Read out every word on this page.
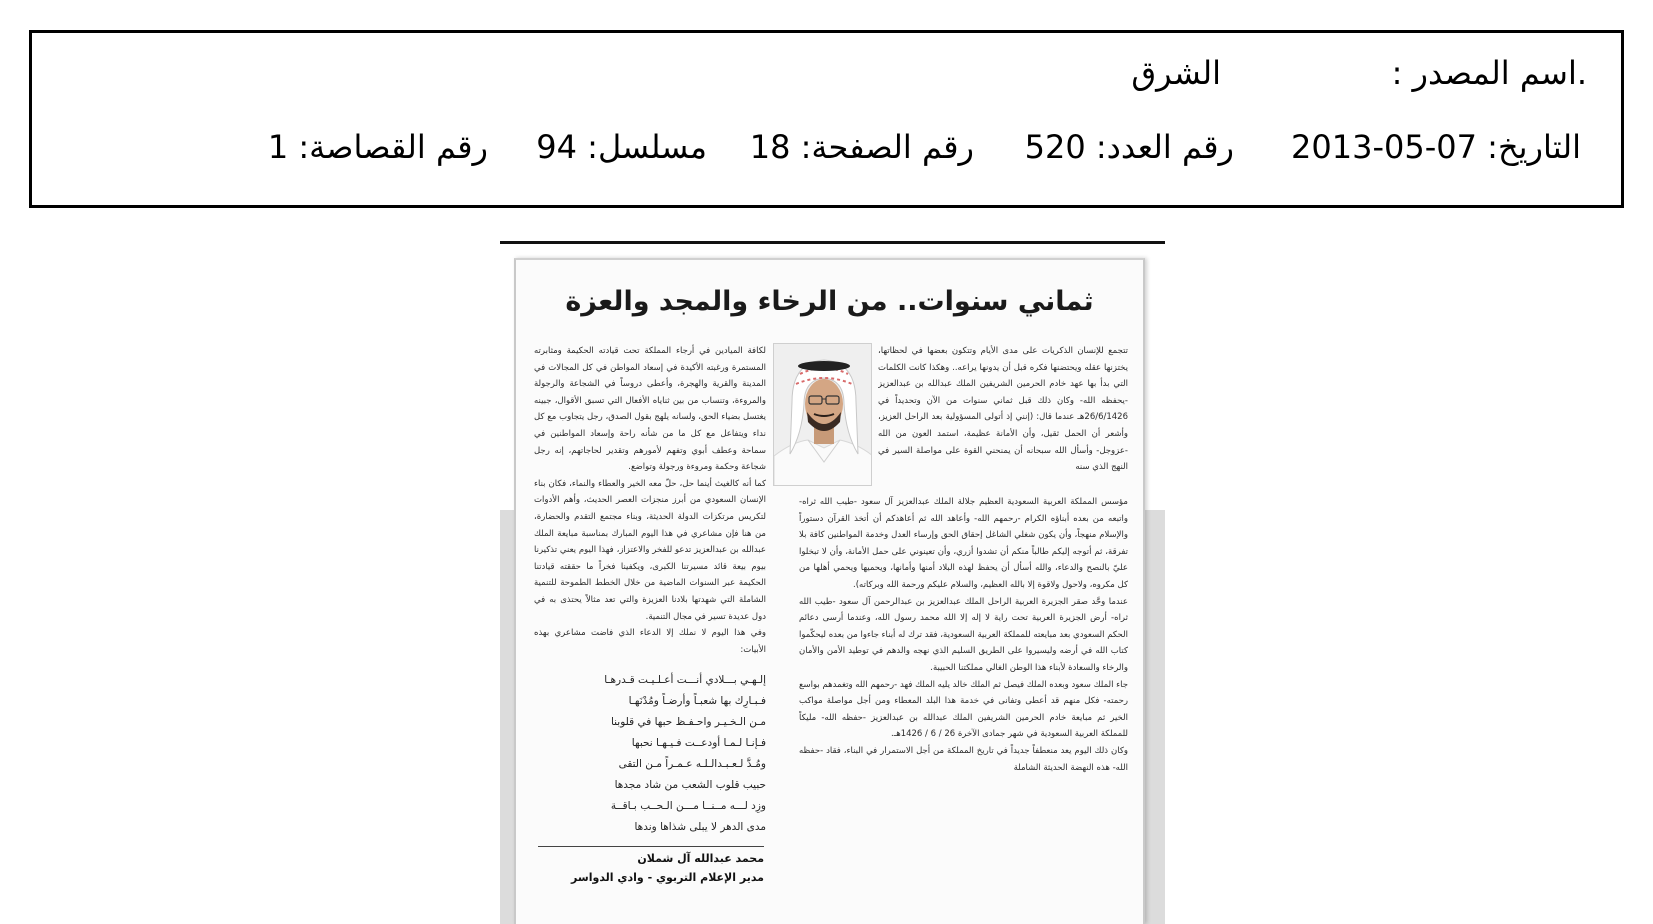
.اسم المصدر :
الشرق
التاريخ: 2013-05-07
رقم العدد: 520
رقم الصفحة: 18
مسلسل: 94
رقم القصاصة: 1
ثماني سنوات.. من الرخاء والمجد والعزة

تتجمع للإنسان الذكريات على مدى الأيام وتتكون بعضها في لحظاتها، يختزنها عقله ويحتضنها فكره قبل أن يدونها يراعه.. وهكذا كانت الكلمات التي بدأ بها عهد خادم الحرمين الشريفين الملك عبدالله بن عبدالعزيز -يحفظه الله- وكان ذلك قبل ثماني سنوات من الآن وتحديداً في 26/6/1426هـ عندما قال: (إنني إذ أتولى المسؤولية بعد الراحل العزيز، وأشعر أن الحمل ثقيل، وأن الأمانة عظيمة، استمد العون من الله -عزوجل- وأسأل الله سبحانه أن يمنحني القوة على مواصلة السير في النهج الذي سنه

مؤسس المملكة العربية السعودية العظيم جلالة الملك عبدالعزيز آل سعود -طيب الله ثراه- واتبعه من بعده أبناؤه الكرام -رحمهم الله- وأعاهد الله ثم أعاهدكم أن أتخذ القرآن دستوراً والإسلام منهجاً، وأن يكون شغلي الشاغل إحقاق الحق وإرساء العدل وخدمة المواطنين كافة بلا تفرقة، ثم أتوجه إليكم طالباً منكم أن تشدوا أزري، وأن تعينوني على حمل الأمانة، وأن لا تبخلوا عليّ بالنصح والدعاء، والله أسأل أن يحفظ لهذه البلاد أمنها وأمانها، ويحميها ويحمي أهلها من كل مكروه، ولاحول ولاقوة إلا بالله العظيم، والسلام عليكم ورحمة الله وبركاته).

عندما وحَّد صقر الجزيرة العربية الراحل الملك عبدالعزيز بن عبدالرحمن آل سعود -طيب الله ثراه- أرض الجزيرة العربية تحت راية لا إله إلا الله محمد رسول الله، وعندما أرسى دعائم الحكم السعودي بعد مبايعته للمملكة العربية السعودية، فقد ترك له أبناء جاءوا من بعده ليحكّموا كتاب الله في أرضه وليسيروا على الطريق السليم الذي نهجه والدهم في توطيد الأمن والأمان والرخاء والسعادة لأبناء هذا الوطن الغالي مملكتنا الحبيبة.

جاء الملك سعود وبعده الملك فيصل ثم الملك خالد يليه الملك فهد -رحمهم الله وتغمدهم بواسع رحمته- فكل منهم قد أعطى وتفانى في خدمة هذا البلد المعطاء ومن أجل مواصلة مواكب الخير ثم مبايعة خادم الحرمين الشريفين الملك عبدالله بن عبدالعزيز -حفظه الله- مليكاً للمملكة العربية السعودية في شهر جمادى الآخرة 26 / 6 / 1426هـ.

وكان ذلك اليوم يعد منعطفاً جديداً في تاريخ المملكة من أجل الاستمرار في البناء، فقاد -حفظه الله- هذه النهضة الحديثة الشاملة

لكافة الميادين في أرجاء المملكة تحت قيادته الحكيمة ومثابرته المستمرة ورغبته الأكيدة في إسعاد المواطن في كل المجالات في المدينة والقرية والهجرة، وأعطى دروساً في الشجاعة والرجولة والمروءة، وتنساب من بين ثناياه الأفعال التي تسبق الأقوال، جبينه يغتسل بضياء الحق، ولسانه يلهج بقول الصدق، رجل يتجاوب مع كل نداء ويتفاعل مع كل ما من شأنه راحة وإسعاد المواطنين في سماحة وعطف أبوي وتفهم لأمورهم وتقدير لحاجاتهم، إنه رجل شجاعة وحكمة ومروءة ورجولة وتواضع.

كما أنه كالغيث أينما حل، حلّ معه الخير والعطاء والنماء، فكان بناء الإنسان السعودي من أبرز منجزات العصر الحديث، وأهم الأدوات لتكريس مرتكزات الدولة الحديثة، وبناء مجتمع التقدم والحضارة، من هنا فإن مشاعري في هذا اليوم المبارك بمناسبة مبايعة الملك عبدالله بن عبدالعزيز تدعو للفخر والاعتزاز، فهذا اليوم يعني تذكيرنا بيوم بيعة قائد مسيرتنا الكبرى، ويكفينا فخراً ما حققته قيادتنا الحكيمة عبر السنوات الماضية من خلال الخطط الطموحة للتنمية الشاملة التي شهدتها بلادنا العزيزة والتي تعد مثالاً يحتذى به في دول عديدة تسير في مجال التنمية.

وفي هذا اليوم لا نملك إلا الدعاء الذي فاضت مشاعري بهذه الأبيات:

إلـهـي بـــلادي أنـــت أعـلـيـت قـدرهـا
فـبـارِك بها شعبـاً وأرضـاً ومُدْنَهـا
مـن الـخـيـر واحـفـظ حبها في قلوبنا
فـإنـا لـمـا أودعــت فـيـهـا نحبها
ومُـدَّ لـعـبـدالـلـه عـمـراً مـن التقى
حبيب قلوب الشعب من شاد مجدها
وزِد لـــه مــنــا مـــن الـحــب بـاقــة
مدى الدهر لا يبلى شذاها وندها
محمد عبدالله آل شملان
مدير الإعلام التربوي - وادي الدواسر
